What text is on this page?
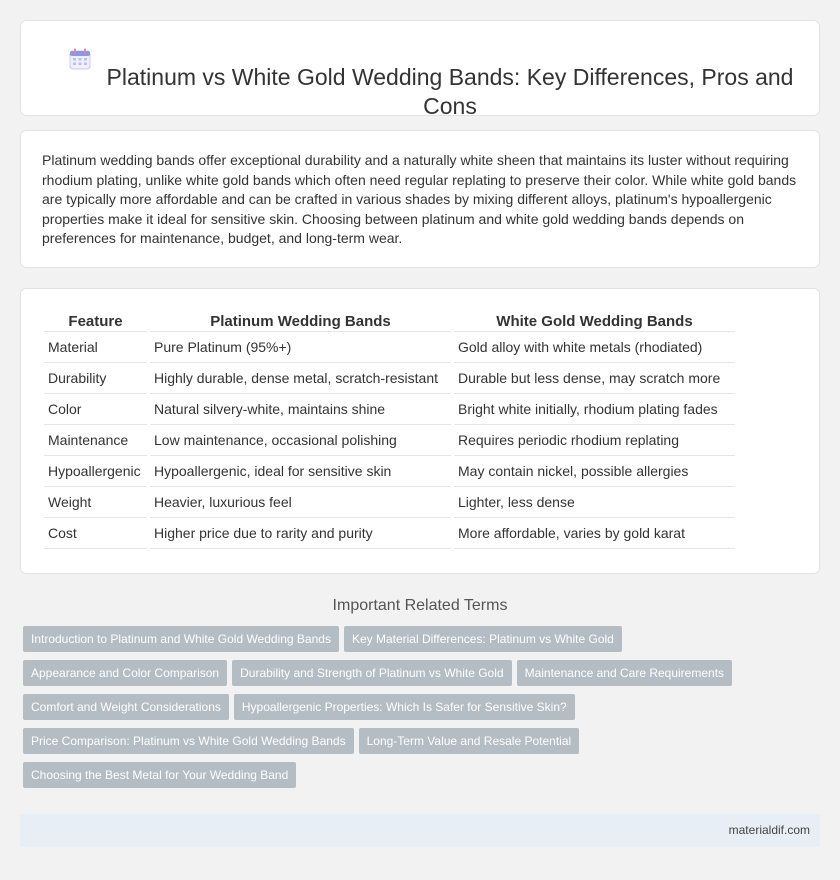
Platinum vs White Gold Wedding Bands: Key Differences, Pros and Cons

Platinum wedding bands offer exceptional durability and a naturally white sheen that maintains its luster without requiring rhodium plating, unlike white gold bands which often need regular replating to preserve their color. While white gold bands are typically more affordable and can be crafted in various shades by mixing different alloys, platinum's hypoallergenic properties make it ideal for sensitive skin. Choosing between platinum and white gold wedding bands depends on preferences for maintenance, budget, and long-term wear.

Feature	Platinum Wedding Bands	White Gold Wedding Bands
Material	Pure Platinum (95%+)	Gold alloy with white metals (rhodiated)
Durability	Highly durable, dense metal, scratch-resistant	Durable but less dense, may scratch more
Color	Natural silvery-white, maintains shine	Bright white initially, rhodium plating fades
Maintenance	Low maintenance, occasional polishing	Requires periodic rhodium replating
Hypoallergenic	Hypoallergenic, ideal for sensitive skin	May contain nickel, possible allergies
Weight	Heavier, luxurious feel	Lighter, less dense
Cost	Higher price due to rarity and purity	More affordable, varies by gold karat
Important Related Terms
Introduction to Platinum and White Gold Wedding Bands Key Material Differences: Platinum vs White GoldAppearance and Color Comparison Durability and Strength of Platinum vs White Gold Maintenance and Care RequirementsComfort and Weight Considerations Hypoallergenic Properties: Which Is Safer for Sensitive Skin?Price Comparison: Platinum vs White Gold Wedding Bands Long-Term Value and Resale PotentialChoosing the Best Metal for Your Wedding Band
materialdif.com
